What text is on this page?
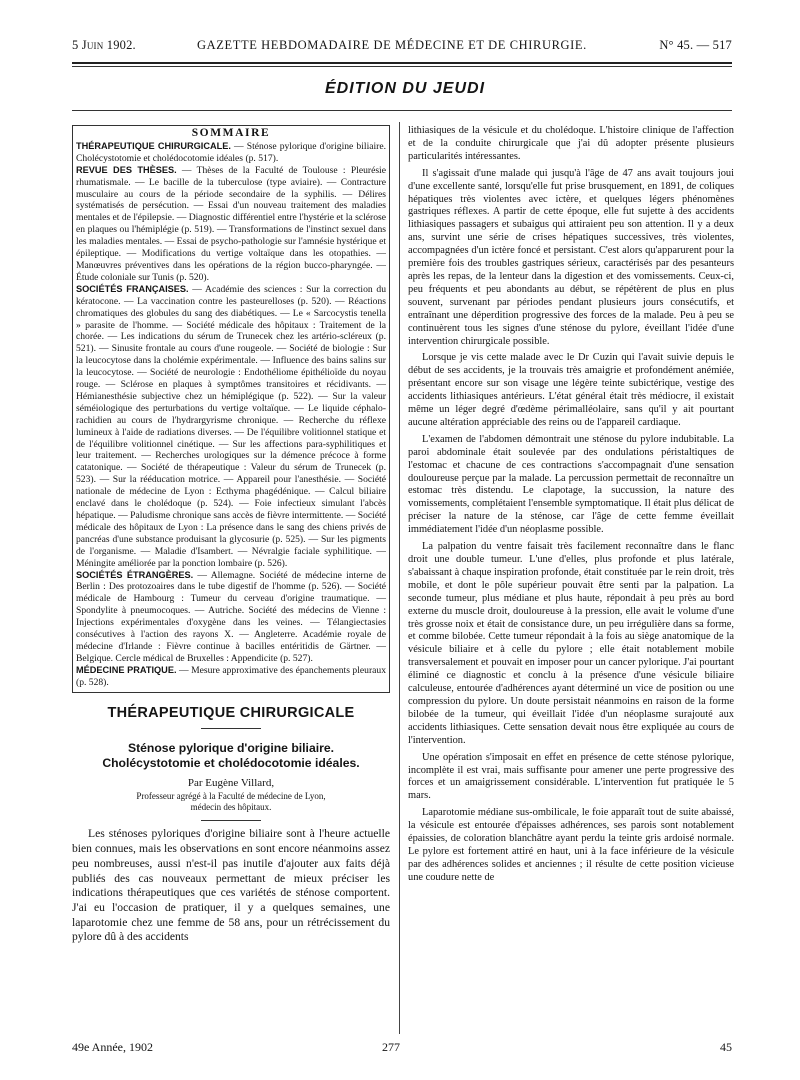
5 Juin 1902.	GAZETTE HEBDOMADAIRE DE MÉDECINE ET DE CHIRURGIE.	N° 45. — 517
ÉDITION DU JEUDI
SOMMAIRE

THÉRAPEUTIQUE CHIRURGICALE. — Sténose pylorique d'origine biliaire. Cholécystotomie et cholédocotomie idéales (p. 517).

REVUE DES THÈSES. — Thèses de la Faculté de Toulouse : Pleurésie rhumatismale. — Le bacille de la tuberculose (type aviaire). — Contracture musculaire au cours de la période secondaire de la syphilis. — Délires systématisés de persécution. — Essai d'un nouveau traitement des maladies mentales et de l'épilepsie. — Diagnostic différentiel entre l'hystérie et la sclérose en plaques ou l'hémiplégie (p. 519). — Transformations de l'instinct sexuel dans les maladies mentales. — Essai de psycho-pathologie sur l'amnésie hystérique et épileptique. — Modifications du vertige voltaïque dans les otopathies. — Manœuvres préventives dans les opérations de la région bucco-pharyngée. — Étude coloniale sur Tunis (p. 520).

SOCIÉTÉS FRANÇAISES. — Académie des sciences : Sur la correction du kératocone. — La vaccination contre les pasteurelloses (p. 520). — Réactions chromatiques des globules du sang des diabétiques. — Le « Sarcocystis tenella » parasite de l'homme. — Société médicale des hôpitaux : Traitement de la chorée. — Les indications du sérum de Trunecek chez les artério-scléreux (p. 521). — Sinusite frontale au cours d'une rougeole. — Société de biologie : Sur la leucocytose dans la cholémie expérimentale. — Influence des bains salins sur la leucocytose. — Société de neurologie : Endothéliome épithélioïde du noyau rouge. — Sclérose en plaques à symptômes transitoires et récidivants. — Hémianesthésie subjective chez un hémiplégique (p. 522). — Sur la valeur séméiologique des perturbations du vertige voltaïque. — Le liquide céphalo-rachidien au cours de l'hydrargyrisme chronique. — Recherche du réflexe lumineux à l'aide de radiations diverses. — De l'équilibre volitionnel statique et de l'équilibre volitionnel cinétique. — Sur les affections para-syphilitiques et leur traitement. — Recherches urologiques sur la démence précoce à forme catatonique. — Société de thérapeutique : Valeur du sérum de Trunecek (p. 523). — Sur la rééducation motrice. — Appareil pour l'anesthésie. — Société nationale de médecine de Lyon : Ecthyma phagédénique. — Calcul biliaire enclavé dans le cholédoque (p. 524). — Foie infectieux simulant l'abcès hépatique. — Paludisme chronique sans accès de fièvre intermittente. — Société médicale des hôpitaux de Lyon : La présence dans le sang des chiens privés de pancréas d'une substance produisant la glycosurie (p. 525). — Sur les pigments de l'organisme. — Maladie d'Isambert. — Névralgie faciale syphilitique. — Méningite améliorée par la ponction lombaire (p. 526).

SOCIÉTÉS ÉTRANGÈRES. — Allemagne. Société de médecine interne de Berlin : Des protozoaires dans le tube digestif de l'homme (p. 526). — Société médicale de Hambourg : Tumeur du cerveau d'origine traumatique. — Spondylite à pneumocoques. — Autriche. Société des médecins de Vienne : Injections expérimentales d'oxygène dans les veines. — Télangiectasies consécutives à l'action des rayons X. — Angleterre. Académie royale de médecine d'Irlande : Fièvre continue à bacilles entéritidis de Gärtner. — Belgique. Cercle médical de Bruxelles : Appendicite (p. 527).

MÉDECINE PRATIQUE. — Mesure approximative des épanchements pleuraux (p. 528).

THÉRAPEUTIQUE CHIRURGICALE
Sténose pylorique d'origine biliaire.
Cholécystotomie et cholédocotomie idéales.
Par Eugène Villard,
Professeur agrégé à la Faculté de médecine de Lyon,
médecin des hôpitaux.

Les sténoses pyloriques d'origine biliaire sont à l'heure actuelle bien connues, mais les observations en sont encore néanmoins assez peu nombreuses, aussi n'est-il pas inutile d'ajouter aux faits déjà publiés des cas nouveaux permettant de mieux préciser les indications thérapeutiques que ces variétés de sténose comportent. J'ai eu l'occasion de pratiquer, il y a quelques semaines, une laparotomie chez une femme de 58 ans, pour un rétrécissement du pylore dû à des accidents

lithiasiques de la vésicule et du cholédoque. L'histoire clinique de l'affection et de la conduite chirurgicale que j'ai dû adopter présente plusieurs particularités intéressantes.

Il s'agissait d'une malade qui jusqu'à l'âge de 47 ans avait toujours joui d'une excellente santé, lorsqu'elle fut prise brusquement, en 1891, de coliques hépatiques très violentes avec ictère, et quelques légers phénomènes gastriques réflexes. A partir de cette époque, elle fut sujette à des accidents lithiasiques passagers et subaigus qui attiraient peu son attention. Il y a deux ans, survint une série de crises hépatiques successives, très violentes, accompagnées d'un ictère foncé et persistant. C'est alors qu'apparurent pour la première fois des troubles gastriques sérieux, caractérisés par des pesanteurs après les repas, de la lenteur dans la digestion et des vomissements. Ceux-ci, peu fréquents et peu abondants au début, se répétèrent de plus en plus souvent, survenant par périodes pendant plusieurs jours consécutifs, et entraînant une déperdition progressive des forces de la malade. Peu à peu se continuèrent tous les signes d'une sténose du pylore, éveillant l'idée d'une intervention chirurgicale possible.

Lorsque je vis cette malade avec le Dr Cuzin qui l'avait suivie depuis le début de ses accidents, je la trouvais très amaigrie et profondément anémiée, présentant encore sur son visage une légère teinte subictérique, vestige des accidents lithiasiques antérieurs. L'état général était très médiocre, il existait même un léger degré d'œdème périmalléolaire, sans qu'il y ait pourtant aucune altération appréciable des reins ou de l'appareil cardiaque.

L'examen de l'abdomen démontrait une sténose du pylore indubitable. La paroi abdominale était soulevée par des ondulations péristaltiques de l'estomac et chacune de ces contractions s'accompagnait d'une sensation douloureuse perçue par la malade. La percussion permettait de reconnaître un estomac très distendu. Le clapotage, la succussion, la nature des vomissements, complétaient l'ensemble symptomatique. Il était plus délicat de préciser la nature de la sténose, car l'âge de cette femme éveillait immédiatement l'idée d'un néoplasme possible.

La palpation du ventre faisait très facilement reconnaître dans le flanc droit une double tumeur. L'une d'elles, plus profonde et plus latérale, s'abaissant à chaque inspiration profonde, était constituée par le rein droit, très mobile, et dont le pôle supérieur pouvait être senti par la palpation. La seconde tumeur, plus médiane et plus haute, répondait à peu près au bord externe du muscle droit, douloureuse à la pression, elle avait le volume d'une très grosse noix et était de consistance dure, un peu irrégulière dans sa forme, et comme bilobée. Cette tumeur répondait à la fois au siège anatomique de la vésicule biliaire et à celle du pylore ; elle était notablement mobile transversalement et pouvait en imposer pour un cancer pylorique. J'ai pourtant éliminé ce diagnostic et conclu à la présence d'une vésicule biliaire calculeuse, entourée d'adhérences ayant déterminé un vice de position ou une compression du pylore. Un doute persistait néanmoins en raison de la forme bilobée de la tumeur, qui éveillait l'idée d'un néoplasme surajouté aux accidents lithiasiques. Cette sensation devait nous être expliquée au cours de l'intervention.

Une opération s'imposait en effet en présence de cette sténose pylorique, incomplète il est vrai, mais suffisante pour amener une perte progressive des forces et un amaigrissement considérable. L'intervention fut pratiquée le 5 mars.

Laparotomie médiane sus-ombilicale, le foie apparaît tout de suite abaissé, la vésicule est entourée d'épaisses adhérences, ses parois sont notablement épaissies, de coloration blanchâtre ayant perdu la teinte gris ardoisé normale. Le pylore est fortement attiré en haut, uni à la face inférieure de la vésicule par des adhérences solides et anciennes ; il résulte de cette position vicieuse une coudure nette de

49e Année, 1902	277	45
